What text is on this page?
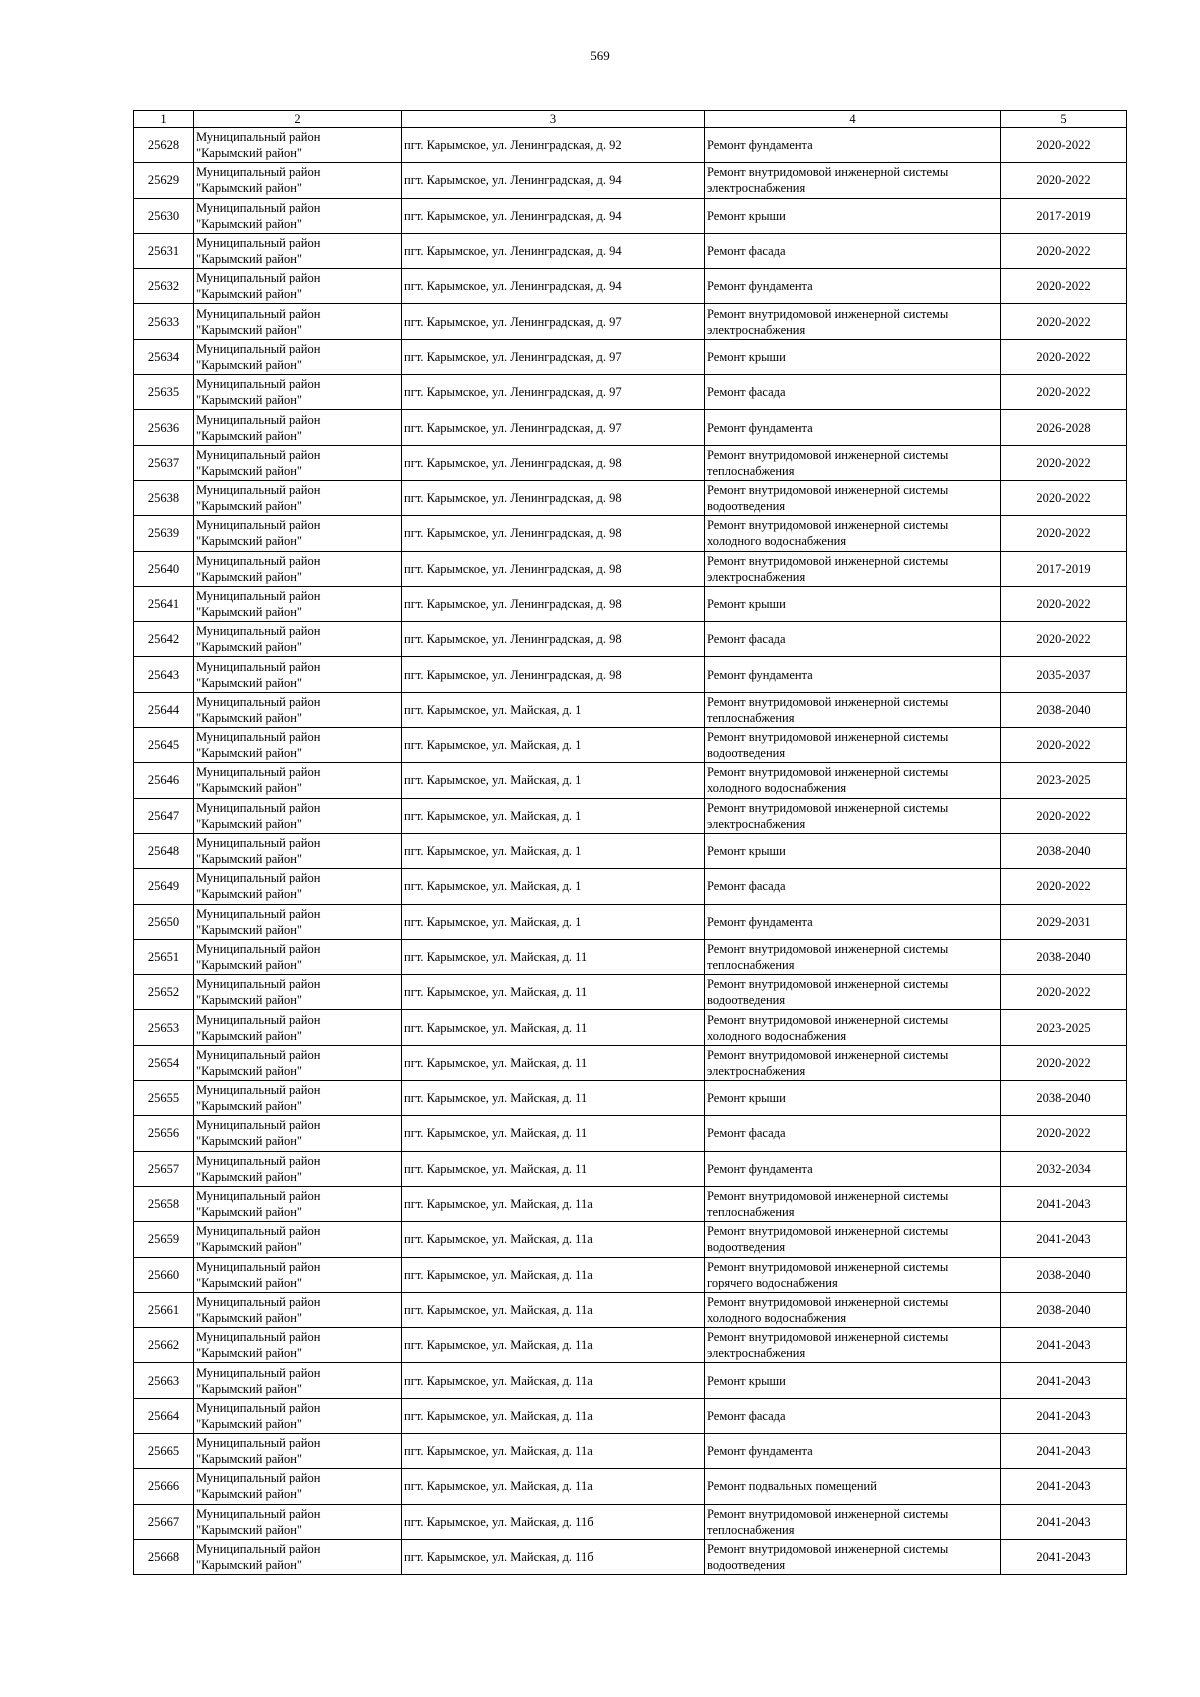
569
1	2	3	4	5
25628	Муниципальный район
"Карымский район"	пгт. Карымское, ул. Ленинградская, д. 92	Ремонт фундамента	2020-2022
25629	Муниципальный район
"Карымский район"	пгт. Карымское, ул. Ленинградская, д. 94	Ремонт внутридомовой инженерной системы
электроснабжения	2020-2022
25630	Муниципальный район
"Карымский район"	пгт. Карымское, ул. Ленинградская, д. 94	Ремонт крыши	2017-2019
25631	Муниципальный район
"Карымский район"	пгт. Карымское, ул. Ленинградская, д. 94	Ремонт фасада	2020-2022
25632	Муниципальный район
"Карымский район"	пгт. Карымское, ул. Ленинградская, д. 94	Ремонт фундамента	2020-2022
25633	Муниципальный район
"Карымский район"	пгт. Карымское, ул. Ленинградская, д. 97	Ремонт внутридомовой инженерной системы
электроснабжения	2020-2022
25634	Муниципальный район
"Карымский район"	пгт. Карымское, ул. Ленинградская, д. 97	Ремонт крыши	2020-2022
25635	Муниципальный район
"Карымский район"	пгт. Карымское, ул. Ленинградская, д. 97	Ремонт фасада	2020-2022
25636	Муниципальный район
"Карымский район"	пгт. Карымское, ул. Ленинградская, д. 97	Ремонт фундамента	2026-2028
25637	Муниципальный район
"Карымский район"	пгт. Карымское, ул. Ленинградская, д. 98	Ремонт внутридомовой инженерной системы
теплоснабжения	2020-2022
25638	Муниципальный район
"Карымский район"	пгт. Карымское, ул. Ленинградская, д. 98	Ремонт внутридомовой инженерной системы
водоотведения	2020-2022
25639	Муниципальный район
"Карымский район"	пгт. Карымское, ул. Ленинградская, д. 98	Ремонт внутридомовой инженерной системы
холодного водоснабжения	2020-2022
25640	Муниципальный район
"Карымский район"	пгт. Карымское, ул. Ленинградская, д. 98	Ремонт внутридомовой инженерной системы
электроснабжения	2017-2019
25641	Муниципальный район
"Карымский район"	пгт. Карымское, ул. Ленинградская, д. 98	Ремонт крыши	2020-2022
25642	Муниципальный район
"Карымский район"	пгт. Карымское, ул. Ленинградская, д. 98	Ремонт фасада	2020-2022
25643	Муниципальный район
"Карымский район"	пгт. Карымское, ул. Ленинградская, д. 98	Ремонт фундамента	2035-2037
25644	Муниципальный район
"Карымский район"	пгт. Карымское, ул. Майская, д. 1	Ремонт внутридомовой инженерной системы
теплоснабжения	2038-2040
25645	Муниципальный район
"Карымский район"	пгт. Карымское, ул. Майская, д. 1	Ремонт внутридомовой инженерной системы
водоотведения	2020-2022
25646	Муниципальный район
"Карымский район"	пгт. Карымское, ул. Майская, д. 1	Ремонт внутридомовой инженерной системы
холодного водоснабжения	2023-2025
25647	Муниципальный район
"Карымский район"	пгт. Карымское, ул. Майская, д. 1	Ремонт внутридомовой инженерной системы
электроснабжения	2020-2022
25648	Муниципальный район
"Карымский район"	пгт. Карымское, ул. Майская, д. 1	Ремонт крыши	2038-2040
25649	Муниципальный район
"Карымский район"	пгт. Карымское, ул. Майская, д. 1	Ремонт фасада	2020-2022
25650	Муниципальный район
"Карымский район"	пгт. Карымское, ул. Майская, д. 1	Ремонт фундамента	2029-2031
25651	Муниципальный район
"Карымский район"	пгт. Карымское, ул. Майская, д. 11	Ремонт внутридомовой инженерной системы
теплоснабжения	2038-2040
25652	Муниципальный район
"Карымский район"	пгт. Карымское, ул. Майская, д. 11	Ремонт внутридомовой инженерной системы
водоотведения	2020-2022
25653	Муниципальный район
"Карымский район"	пгт. Карымское, ул. Майская, д. 11	Ремонт внутридомовой инженерной системы
холодного водоснабжения	2023-2025
25654	Муниципальный район
"Карымский район"	пгт. Карымское, ул. Майская, д. 11	Ремонт внутридомовой инженерной системы
электроснабжения	2020-2022
25655	Муниципальный район
"Карымский район"	пгт. Карымское, ул. Майская, д. 11	Ремонт крыши	2038-2040
25656	Муниципальный район
"Карымский район"	пгт. Карымское, ул. Майская, д. 11	Ремонт фасада	2020-2022
25657	Муниципальный район
"Карымский район"	пгт. Карымское, ул. Майская, д. 11	Ремонт фундамента	2032-2034
25658	Муниципальный район
"Карымский район"	пгт. Карымское, ул. Майская, д. 11а	Ремонт внутридомовой инженерной системы
теплоснабжения	2041-2043
25659	Муниципальный район
"Карымский район"	пгт. Карымское, ул. Майская, д. 11а	Ремонт внутридомовой инженерной системы
водоотведения	2041-2043
25660	Муниципальный район
"Карымский район"	пгт. Карымское, ул. Майская, д. 11а	Ремонт внутридомовой инженерной системы
горячего водоснабжения	2038-2040
25661	Муниципальный район
"Карымский район"	пгт. Карымское, ул. Майская, д. 11а	Ремонт внутридомовой инженерной системы
холодного водоснабжения	2038-2040
25662	Муниципальный район
"Карымский район"	пгт. Карымское, ул. Майская, д. 11а	Ремонт внутридомовой инженерной системы
электроснабжения	2041-2043
25663	Муниципальный район
"Карымский район"	пгт. Карымское, ул. Майская, д. 11а	Ремонт крыши	2041-2043
25664	Муниципальный район
"Карымский район"	пгт. Карымское, ул. Майская, д. 11а	Ремонт фасада	2041-2043
25665	Муниципальный район
"Карымский район"	пгт. Карымское, ул. Майская, д. 11а	Ремонт фундамента	2041-2043
25666	Муниципальный район
"Карымский район"	пгт. Карымское, ул. Майская, д. 11а	Ремонт подвальных помещений	2041-2043
25667	Муниципальный район
"Карымский район"	пгт. Карымское, ул. Майская, д. 11б	Ремонт внутридомовой инженерной системы
теплоснабжения	2041-2043
25668	Муниципальный район
"Карымский район"	пгт. Карымское, ул. Майская, д. 11б	Ремонт внутридомовой инженерной системы
водоотведения	2041-2043
